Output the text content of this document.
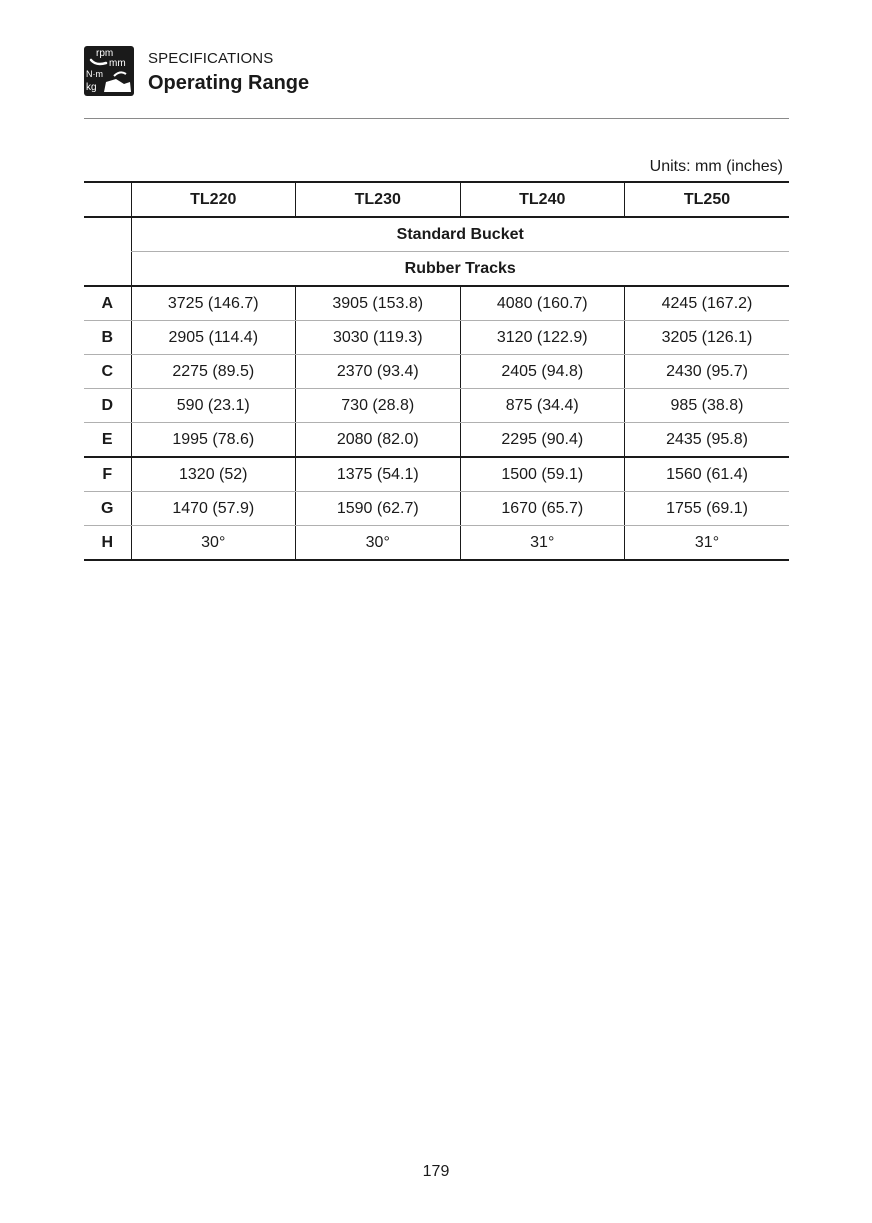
rpm
mm
N·m
kg
SPECIFICATIONS
Operating Range
Units: mm (inches)
	TL220	TL230	TL240	TL250
	Standard Bucket			
	Rubber Tracks			
A	3725 (146.7)	3905 (153.8)	4080 (160.7)	4245 (167.2)
B	2905 (114.4)	3030 (119.3)	3120 (122.9)	3205 (126.1)
C	2275 (89.5)	2370 (93.4)	2405 (94.8)	2430 (95.7)
D	590 (23.1)	730 (28.8)	875 (34.4)	985 (38.8)
E	1995 (78.6)	2080 (82.0)	2295 (90.4)	2435 (95.8)
F	1320 (52)	1375 (54.1)	1500 (59.1)	1560 (61.4)
G	1470 (57.9)	1590 (62.7)	1670 (65.7)	1755 (69.1)
H	30°	30°	31°	31°
179
